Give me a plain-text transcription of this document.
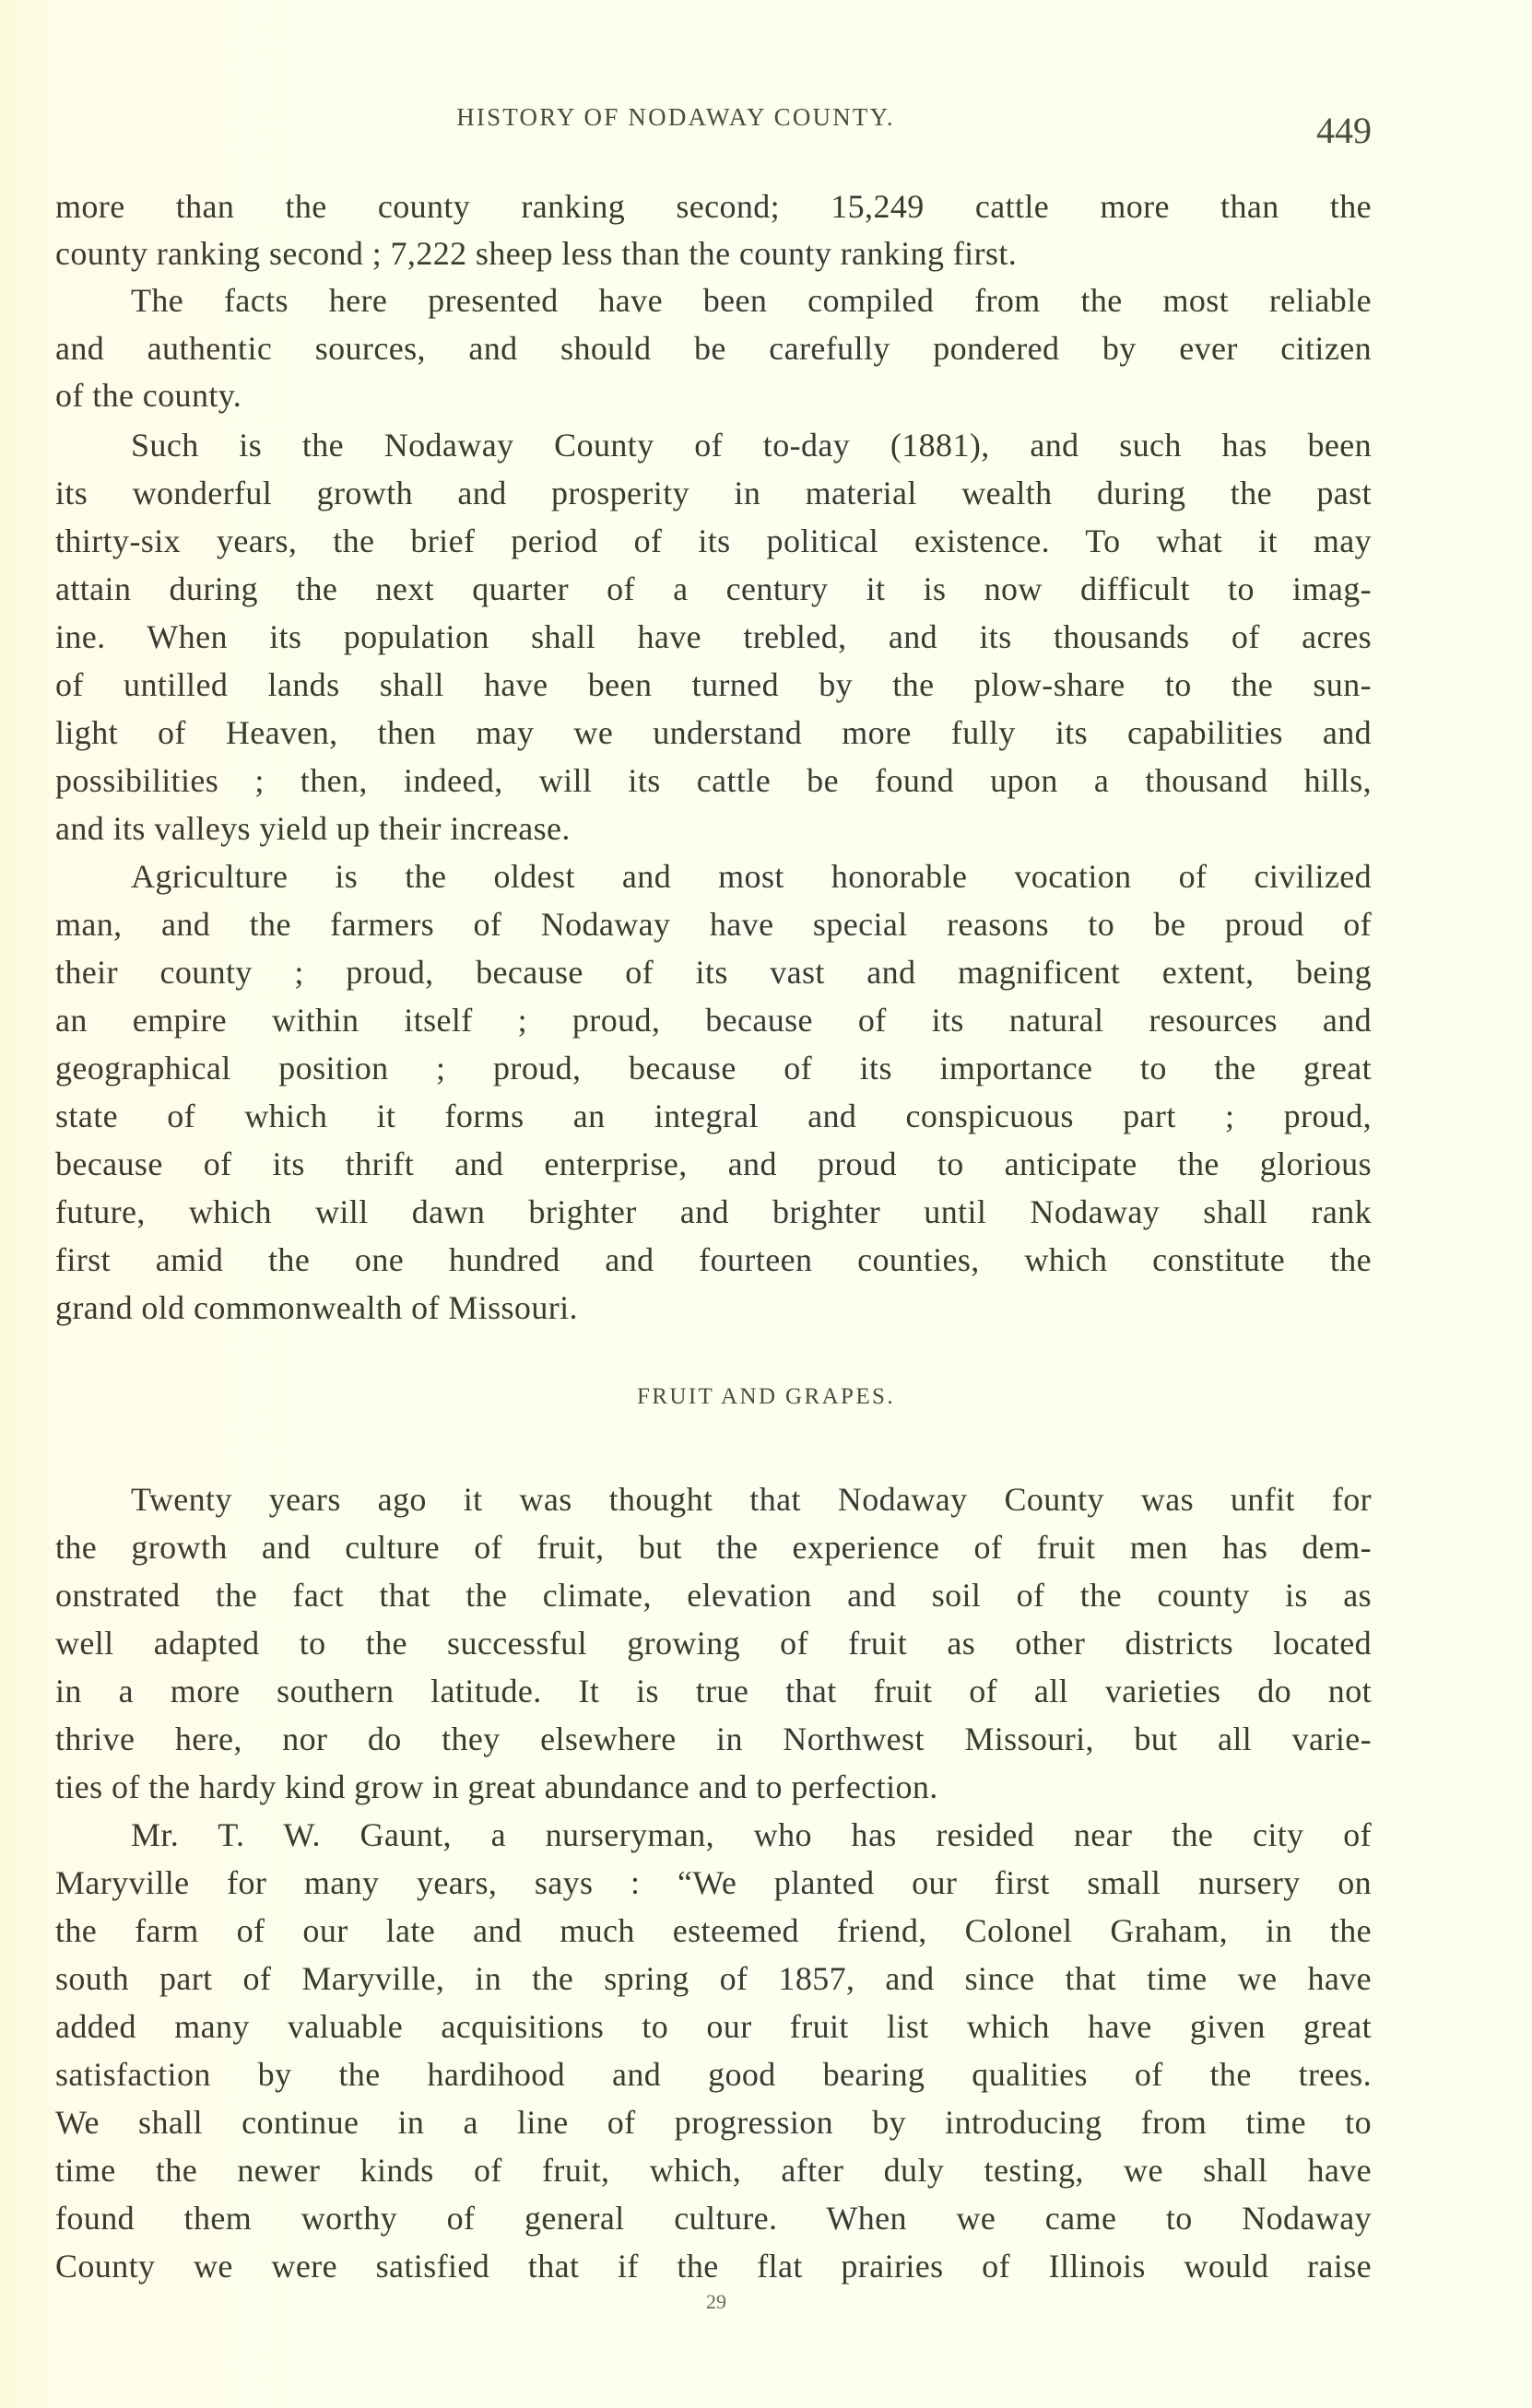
HISTORY OF NODAWAY COUNTY.	449
more than the county ranking second; 15,249 cattle more than the
county ranking second ; 7,222 sheep less than the county ranking first.
The facts here presented have been compiled from the most reliable
and authentic sources, and should be carefully pondered by ever citizen
of the county.
Such is the Nodaway County of to-day (1881), and such has been
its wonderful growth and prosperity in material wealth during the past
thirty-six years, the brief period of its political existence. To what it may
attain during the next quarter of a century it is now difficult to imag-
ine. When its population shall have trebled, and its thousands of acres
of untilled lands shall have been turned by the plow-share to the sun-
light of Heaven, then may we understand more fully its capabilities and
possibilities ; then, indeed, will its cattle be found upon a thousand hills,
and its valleys yield up their increase.
Agriculture is the oldest and most honorable vocation of civilized
man, and the farmers of Nodaway have special reasons to be proud of
their county ; proud, because of its vast and magnificent extent, being
an empire within itself ; proud, because of its natural resources and
geographical position ; proud, because of its importance to the great
state of which it forms an integral and conspicuous part ; proud,
because of its thrift and enterprise, and proud to anticipate the glorious
future, which will dawn brighter and brighter until Nodaway shall rank
first amid the one hundred and fourteen counties, which constitute the
grand old commonwealth of Missouri.
FRUIT AND GRAPES.
Twenty years ago it was thought that Nodaway County was unfit for
the growth and culture of fruit, but the experience of fruit men has dem-
onstrated the fact that the climate, elevation and soil of the county is as
well adapted to the successful growing of fruit as other districts located
in a more southern latitude. It is true that fruit of all varieties do not
thrive here, nor do they elsewhere in Northwest Missouri, but all varie-
ties of the hardy kind grow in great abundance and to perfection.
Mr. T. W. Gaunt, a nurseryman, who has resided near the city of
Maryville for many years, says : “We planted our first small nursery on
the farm of our late and much esteemed friend, Colonel Graham, in the
south part of Maryville, in the spring of 1857, and since that time we have
added many valuable acquisitions to our fruit list which have given great
satisfaction by the hardihood and good bearing qualities of the trees.
We shall continue in a line of progression by introducing from time to
time the newer kinds of fruit, which, after duly testing, we shall have
found them worthy of general culture. When we came to Nodaway
County we were satisfied that if the flat prairies of Illinois would raise
29
